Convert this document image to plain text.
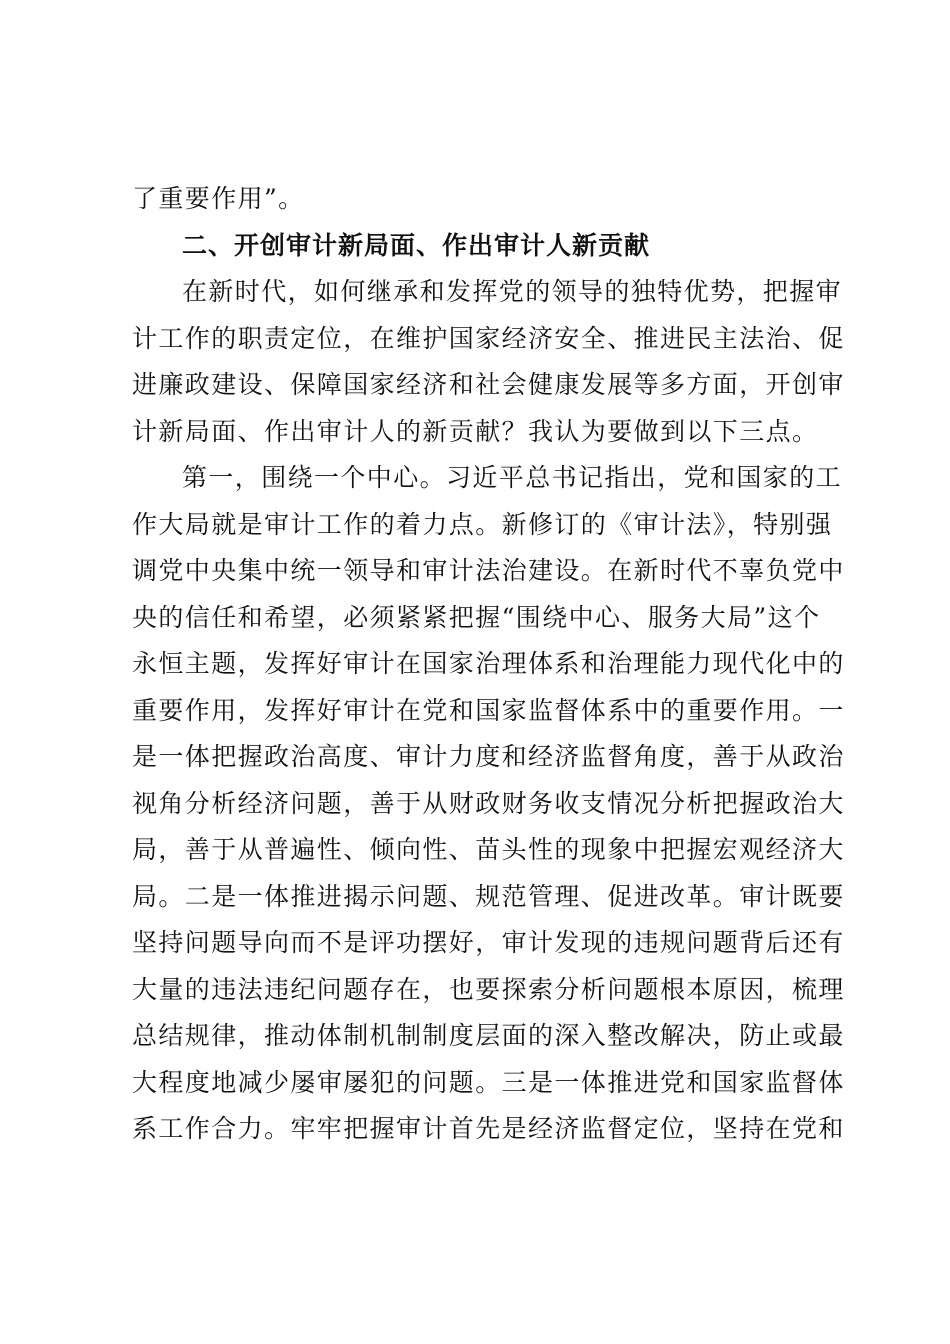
了重要作用”。
二、开创审计新局面、作出审计人新贡献
在新时代，如何继承和发挥党的领导的独特优势，把握审
计工作的职责定位，在维护国家经济安全、推进民主法治、促
进廉政建设、保障国家经济和社会健康发展等多方面，开创审
计新局面、作出审计人的新贡献？我认为要做到以下三点。
第一，围绕一个中心。习近平总书记指出，党和国家的工
作大局就是审计工作的着力点。新修订的《审计法》，特别强
调党中央集中统一领导和审计法治建设。在新时代不辜负党中
央的信任和希望，必须紧紧把握“围绕中心、服务大局”这个
永恒主题，发挥好审计在国家治理体系和治理能力现代化中的
重要作用，发挥好审计在党和国家监督体系中的重要作用。一
是一体把握政治高度、审计力度和经济监督角度，善于从政治
视角分析经济问题，善于从财政财务收支情况分析把握政治大
局，善于从普遍性、倾向性、苗头性的现象中把握宏观经济大
局。二是一体推进揭示问题、规范管理、促进改革。审计既要
坚持问题导向而不是评功摆好，审计发现的违规问题背后还有
大量的违法违纪问题存在，也要探索分析问题根本原因，梳理
总结规律，推动体制机制制度层面的深入整改解决，防止或最
大程度地减少屡审屡犯的问题。三是一体推进党和国家监督体
系工作合力。牢牢把握审计首先是经济监督定位，坚持在党和
